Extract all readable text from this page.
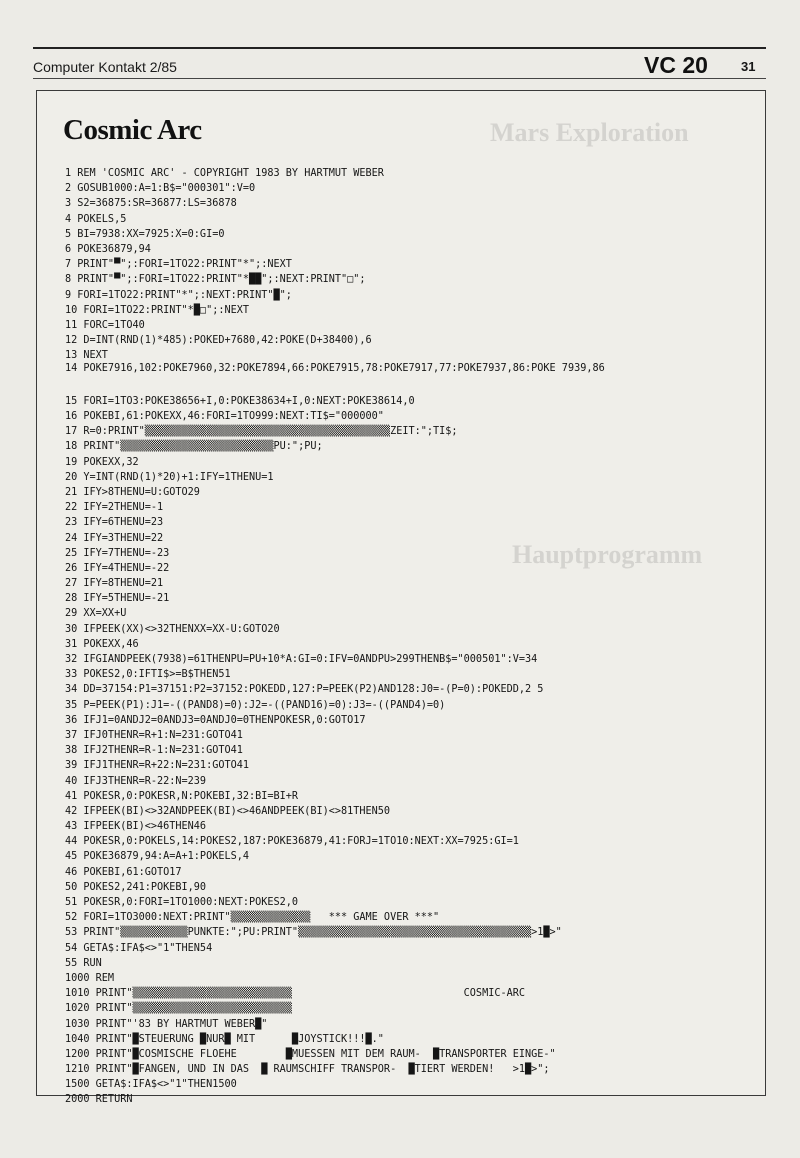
Computer Kontakt 2/85	VC 20	31
Mars Exploration
Hauptprogramm
Cosmic Arc
1 REM 'COSMIC ARC' - COPYRIGHT 1983 BY HARTMUT WEBER
2 GOSUB1000:A=1:B$="000301":V=0
3 S2=36875:SR=36877:LS=36878
4 POKELS,5
5 BI=7938:XX=7925:X=0:GI=0
6 POKE36879,94
7 PRINT"▀";:FORI=1TO22:PRINT"*";:NEXT
8 PRINT"▀";:FORI=1TO22:PRINT"*██";:NEXT:PRINT"□";
9 FORI=1TO22:PRINT"*";:NEXT:PRINT"█";
10 FORI=1TO22:PRINT"*█□";:NEXT
11 FORC=1TO40
12 D=INT(RND(1)*485):POKED+7680,42:POKE(D+38400),6
13 NEXT
14 POKE7916,102:POKE7960,32:POKE7894,66:POKE7915,78:POKE7917,77:POKE7937,86:POKE 7939,86
15 FORI=1TO3:POKE38656+I,0:POKE38634+I,0:NEXT:POKE38614,0
16 POKEBI,61:POKEXX,46:FORI=1TO999:NEXT:TI$="000000"
17 R=0:PRINT"▒▒▒▒▒▒▒▒▒▒▒▒▒▒▒▒▒▒▒▒▒▒▒▒▒▒▒▒▒▒▒▒▒▒▒▒▒▒▒▒ZEIT:";TI$;
18 PRINT"▒▒▒▒▒▒▒▒▒▒▒▒▒▒▒▒▒▒▒▒▒▒▒▒▒PU:";PU;
19 POKEXX,32
20 Y=INT(RND(1)*20)+1:IFY=1THENU=1
21 IFY>8THENU=U:GOTO29
22 IFY=2THENU=-1
23 IFY=6THENU=23
24 IFY=3THENU=22
25 IFY=7THENU=-23
26 IFY=4THENU=-22
27 IFY=8THENU=21
28 IFY=5THENU=-21
29 XX=XX+U
30 IFPEEK(XX)<>32THENXX=XX-U:GOTO20
31 POKEXX,46
32 IFGIANDPEEK(7938)=61THENPU=PU+10*A:GI=0:IFV=0ANDPU>299THENB$="000501":V=34
33 POKES2,0:IFTI$>=B$THEN51
34 DD=37154:P1=37151:P2=37152:POKEDD,127:P=PEEK(P2)AND128:J0=-(P=0):POKEDD,2 5
35 P=PEEK(P1):J1=-((PAND8)=0):J2=-((PAND16)=0):J3=-((PAND4)=0)
36 IFJ1=0ANDJ2=0ANDJ3=0ANDJ0=0THENPOKESR,0:GOTO17
37 IFJ0THENR=R+1:N=231:GOTO41
38 IFJ2THENR=R-1:N=231:GOTO41
39 IFJ1THENR=R+22:N=231:GOTO41
40 IFJ3THENR=R-22:N=239
41 POKESR,0:POKESR,N:POKEBI,32:BI=BI+R
42 IFPEEK(BI)<>32ANDPEEK(BI)<>46ANDPEEK(BI)<>81THEN50
43 IFPEEK(BI)<>46THEN46
44 POKESR,0:POKELS,14:POKES2,187:POKE36879,41:FORJ=1TO10:NEXT:XX=7925:GI=1
45 POKE36879,94:A=A+1:POKELS,4
46 POKEBI,61:GOTO17
50 POKES2,241:POKEBI,90
51 POKESR,0:FORI=1TO1000:NEXT:POKES2,0
52 FORI=1TO3000:NEXT:PRINT"▒▒▒▒▒▒▒▒▒▒▒▒▒   *** GAME OVER ***"
53 PRINT"▒▒▒▒▒▒▒▒▒▒▒PUNKTE:";PU:PRINT"▒▒▒▒▒▒▒▒▒▒▒▒▒▒▒▒▒▒▒▒▒▒▒▒▒▒▒▒▒▒▒▒▒▒▒▒▒▒>1█>"
54 GETA$:IFA$<>"1"THEN54
55 RUN
1000 REM
1010 PRINT"▒▒▒▒▒▒▒▒▒▒▒▒▒▒▒▒▒▒▒▒▒▒▒▒▒▒                            COSMIC-ARC
1020 PRINT"▒▒▒▒▒▒▒▒▒▒▒▒▒▒▒▒▒▒▒▒▒▒▒▒▒▒
1030 PRINT"'83 BY HARTMUT WEBER█"
1040 PRINT"█STEUERUNG █NUR█ MIT      █JOYSTICK!!!█."
1200 PRINT"█COSMISCHE FLOEHE        █MUESSEN MIT DEM RAUM-  █TRANSPORTER EINGE-"
1210 PRINT"█FANGEN, UND IN DAS  █ RAUMSCHIFF TRANSPOR-  █TIERT WERDEN!   >1█>";
1500 GETA$:IFA$<>"1"THEN1500
2000 RETURN
